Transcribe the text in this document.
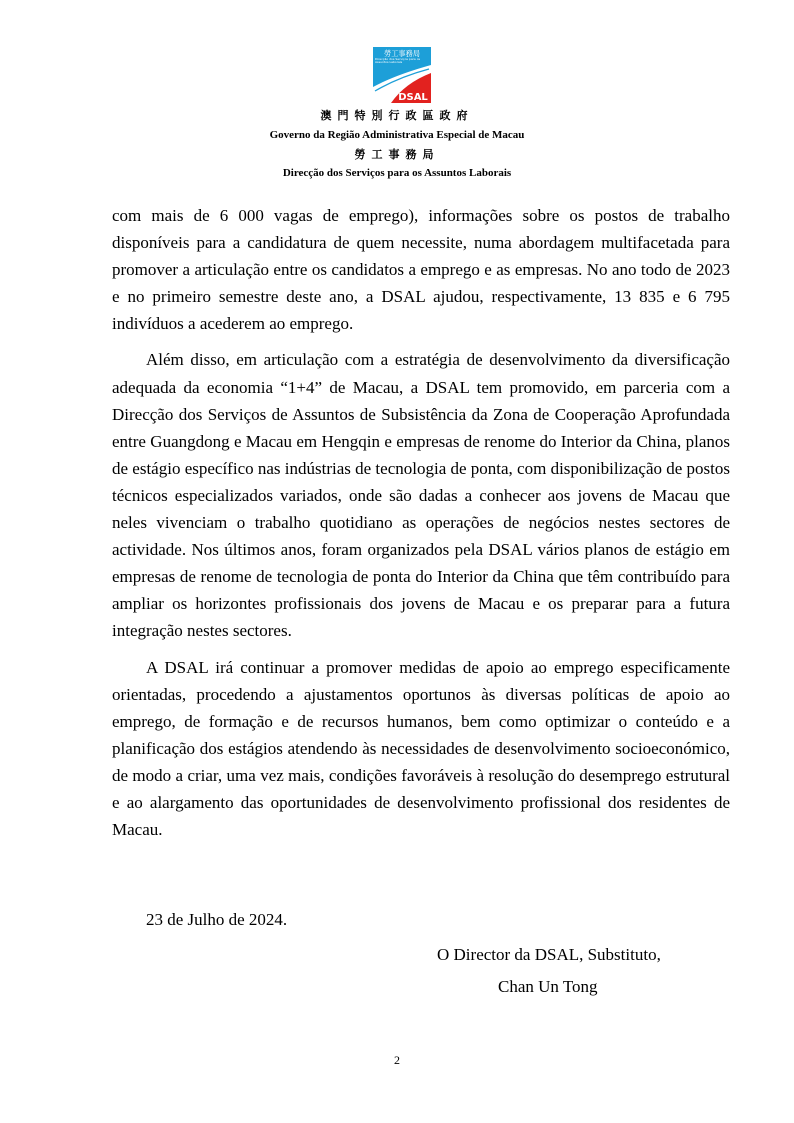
勞工事務局
Direcção dos Serviços para os Assuntos Laborais
DSAL
澳門特別行政區政府
Governo da Região Administrativa Especial de Macau
勞工事務局
Direcção dos Serviços para os Assuntos Laborais

com mais de 6 000 vagas de emprego), informações sobre os postos de trabalho disponíveis para a candidatura de quem necessite, numa abordagem multifacetada para promover a articulação entre os candidatos a emprego e as empresas. No ano todo de 2023 e no primeiro semestre deste ano, a DSAL ajudou, respectivamente, 13 835 e 6 795 indivíduos a acederem ao emprego.

Além disso, em articulação com a estratégia de desenvolvimento da diversificação adequada da economia “1+4” de Macau, a DSAL tem promovido, em parceria com a Direcção dos Serviços de Assuntos de Subsistência da Zona de Cooperação Aprofundada entre Guangdong e Macau em Hengqin e empresas de renome do Interior da China, planos de estágio específico nas indústrias de tecnologia de ponta, com disponibilização de postos técnicos especializados variados, onde são dadas a conhecer aos jovens de Macau que neles vivenciam o trabalho quotidiano as operações de negócios nestes sectores de actividade. Nos últimos anos, foram organizados pela DSAL vários planos de estágio em empresas de renome de tecnologia de ponta do Interior da China que têm contribuído para ampliar os horizontes profissionais dos jovens de Macau e os preparar para a futura integração nestes sectores.

A DSAL irá continuar a promover medidas de apoio ao emprego especificamente orientadas, procedendo a ajustamentos oportunos às diversas políticas de apoio ao emprego, de formação e de recursos humanos, bem como optimizar o conteúdo e a planificação dos estágios atendendo às necessidades de desenvolvimento socioeconómico, de modo a criar, uma vez mais, condições favoráveis à resolução do desemprego estrutural e ao alargamento das oportunidades de desenvolvimento profissional dos residentes de Macau.

23 de Julho de 2024.
O Director da DSAL, Substituto,
Chan Un Tong
2
